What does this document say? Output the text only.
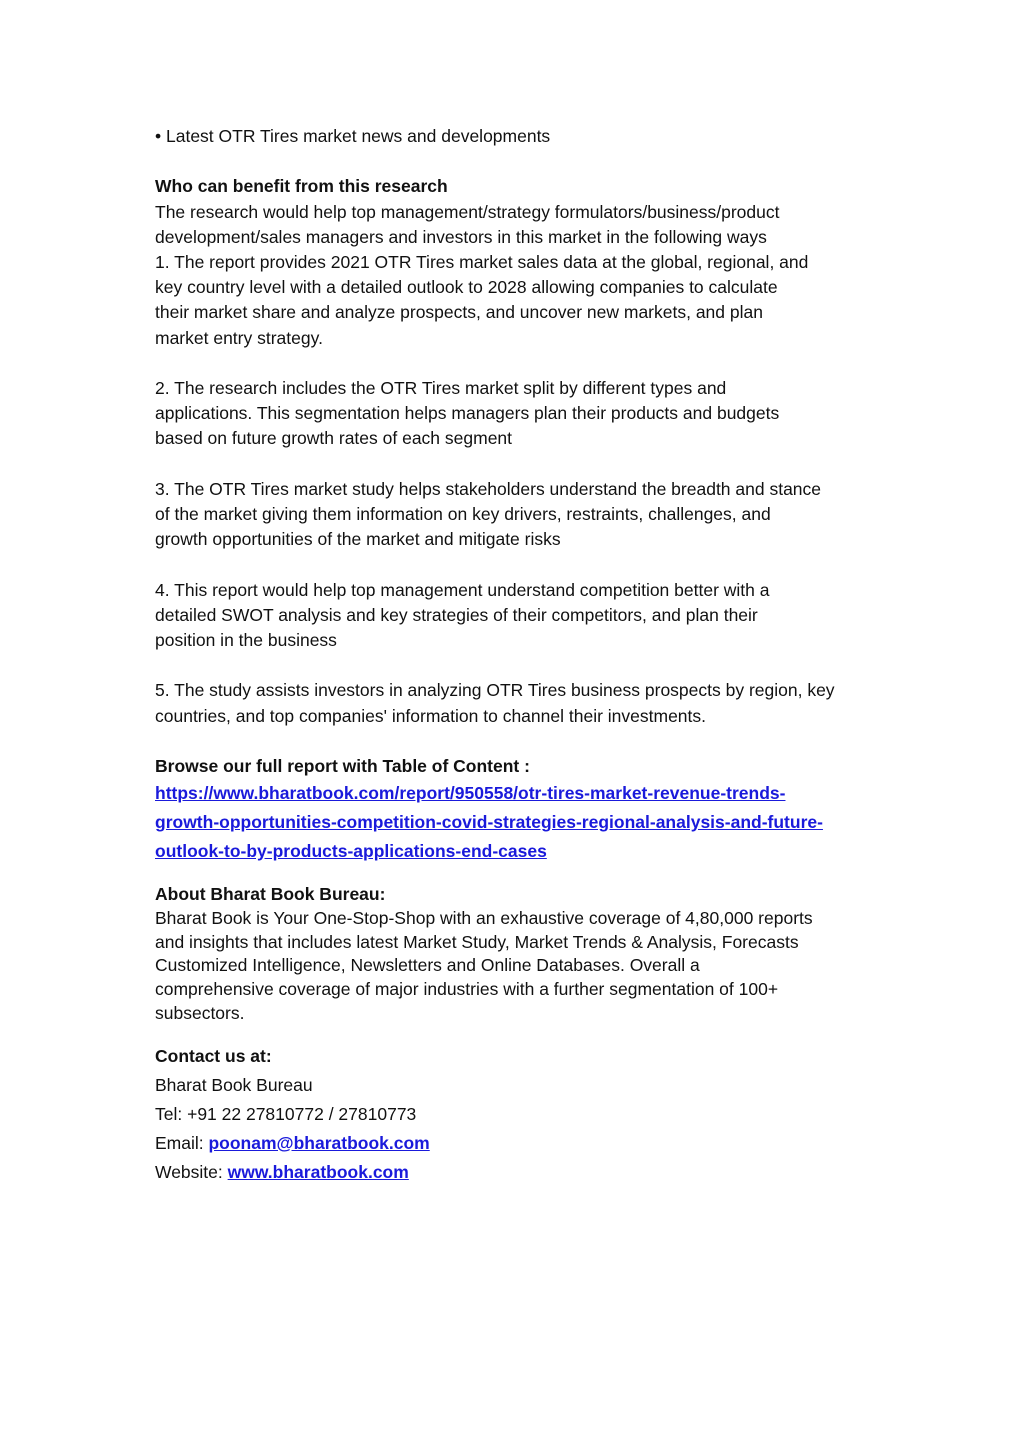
• Latest OTR Tires market news and developments
Who can benefit from this research
The research would help top management/strategy formulators/business/product
development/sales managers and investors in this market in the following ways
1. The report provides 2021 OTR Tires market sales data at the global, regional, and
key country level with a detailed outlook to 2028 allowing companies to calculate
their market share and analyze prospects, and uncover new markets, and plan
market entry strategy.
2. The research includes the OTR Tires market split by different types and
applications. This segmentation helps managers plan their products and budgets
based on future growth rates of each segment
3. The OTR Tires market study helps stakeholders understand the breadth and stance
of the market giving them information on key drivers, restraints, challenges, and
growth opportunities of the market and mitigate risks
4. This report would help top management understand competition better with a
detailed SWOT analysis and key strategies of their competitors, and plan their
position in the business
5. The study assists investors in analyzing OTR Tires business prospects by region, key
countries, and top companies' information to channel their investments.
Browse our full report with Table of Content :
https://www.bharatbook.com/report/950558/otr-tires-market-revenue-trends-
growth-opportunities-competition-covid-strategies-regional-analysis-and-future-
outlook-to-by-products-applications-end-cases
About Bharat Book Bureau:
Bharat Book is Your One-Stop-Shop with an exhaustive coverage of 4,80,000 reports
and insights that includes latest Market Study, Market Trends & Analysis, Forecasts
Customized Intelligence, Newsletters and Online Databases. Overall a
comprehensive coverage of major industries with a further segmentation of 100+
subsectors.
Contact us at:
Bharat Book Bureau
Tel: +91 22 27810772 / 27810773
Email: poonam@bharatbook.com
Website: www.bharatbook.com
